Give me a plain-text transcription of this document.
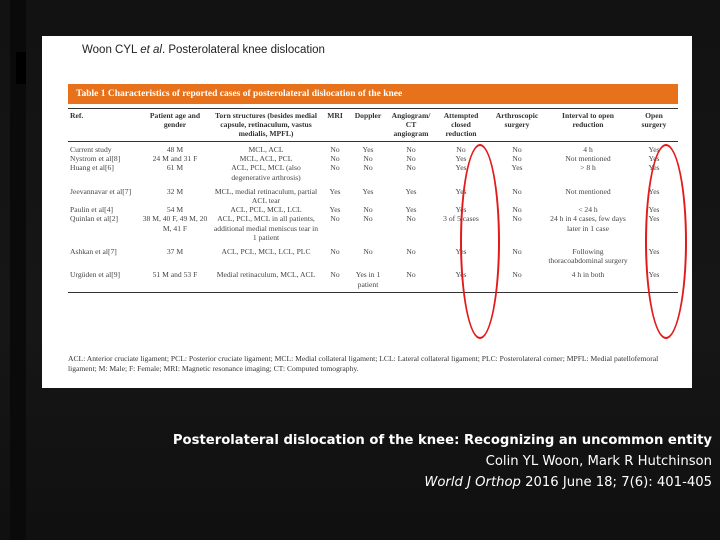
Woon CYL et al. Posterolateral knee dislocation
Table 1 Characteristics of reported cases of posterolateral dislocation of the knee
Ref.	Patient age and gender	Torn structures (besides medial capsule, retinaculum, vastus medialis, MPFL)	MRI	Doppler	Angiogram/ CT angiogram	Attempted closed reduction	Arthroscopic surgery	Interval to open reduction	Open surgery
Current study	48 M	MCL, ACL	No	Yes	No	No	No	4 h	Yes
Nystrom et al[8]	24 M and 31 F	MCL, ACL, PCL	No	No	No	Yes	No	Not mentioned	Yes
Huang et al[6]	61 M	ACL, PCL, MCL (also degenerative arthrosis)	No	No	No	Yes	Yes	> 8 h	Yes
Jeevannavar et al[7]	32 M	MCL, medial retinaculum, partial ACL tear	Yes	Yes	Yes	Yes	No	Not mentioned	Yes
Paulin et al[4]	54 M	ACL, PCL, MCL, LCL	Yes	No	Yes	Yes	No	< 24 h	Yes
Quinlan et al[2]	38 M, 40 F, 49 M, 20 M, 41 F	ACL, PCL, MCL in all patients, additional medial meniscus tear in 1 patient	No	No	No	3 of 5 cases	No	24 h in 4 cases, few days later in 1 case	Yes
Ashkan et al[7]	37 M	ACL, PCL, MCL, LCL, PLC	No	No	No	Yes	No	Following thoracoabdominal surgery	Yes
Urgüden et al[9]	51 M and 53 F	Medial retinaculum, MCL, ACL	No	Yes in 1 patient	No	Yes	No	4 h in both	Yes
ACL: Anterior cruciate ligament; PCL: Posterior cruciate ligament; MCL: Medial collateral ligament; LCL: Lateral collateral ligament; PLC: Posterolateral corner; MPFL: Medial patellofemoral ligament; M: Male; F: Female; MRI: Magnetic resonance imaging; CT: Computed tomography.
Posterolateral dislocation of the knee: Recognizing an uncommon entity
Colin YL Woon, Mark R Hutchinson
World J Orthop 2016 June 18; 7(6): 401-405
